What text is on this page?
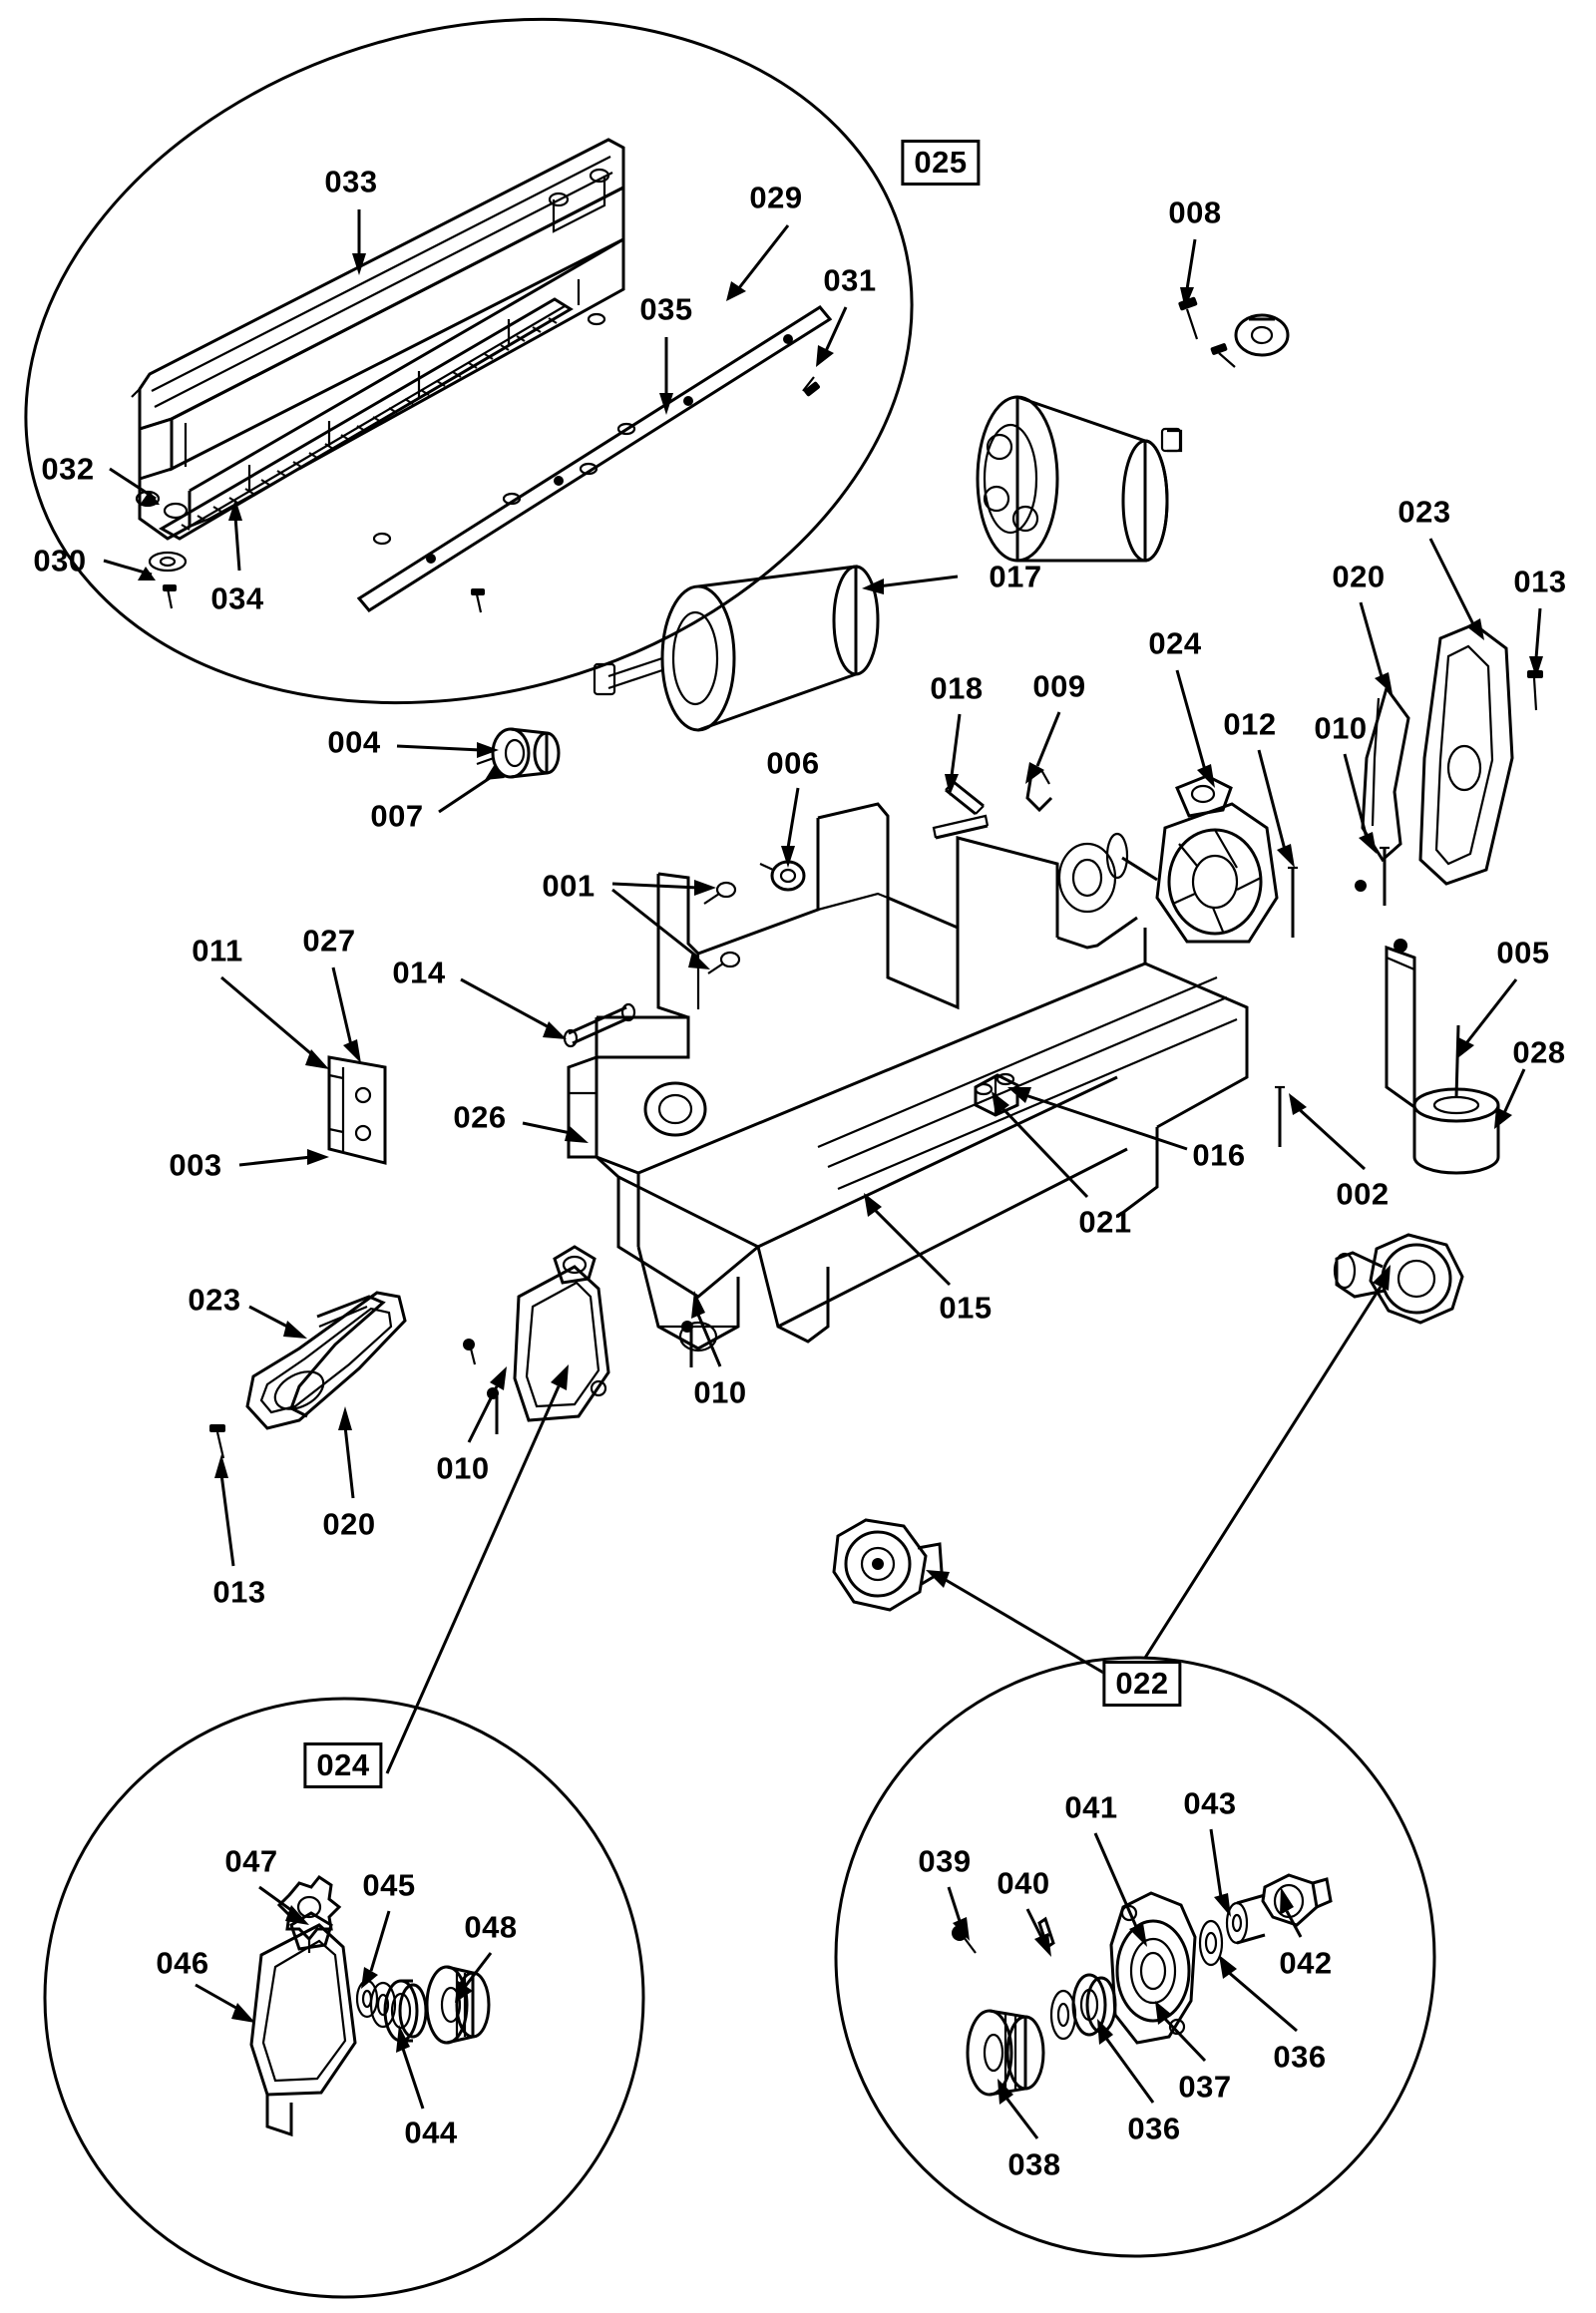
033
025
029	008
035
031
032
030
034
023
020	013
017
024
018 009
012 010
004
006
007
001
005
011 027
014
028
026
003	016
002
021
015
023
010
010
020
013
022
024
041 043
039
047
040
045
048
042
046
036
037
036
044
038
